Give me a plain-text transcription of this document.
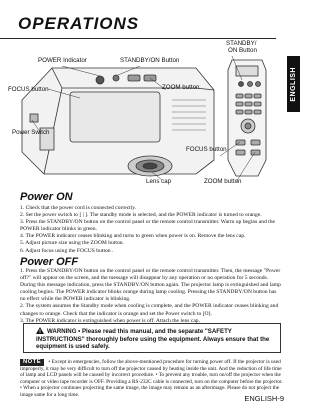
OPERATIONS
ENGLISH
POWER Indicator	STANDBY/ON Button
STANDBY/
ON Button
FOCUS button	ZOOM button
Power Switch
FOCUS button
Lens cap	ZOOM button
Power ON

1. Check that the power cord is connected correctly.

2. Set the power switch to [ | ]. The standby mode is selected, and the POWER indicator is turned to orange.

3. Press the STANDBY/ON button on the control panel or the remote control transmitter. Warm up begins and the POWER indicator blinks in green.

4. The POWER indicator ceases blinking and turns to green when power is on. Remove the lens cap.

5. Adjust picture size using the ZOOM button.

6. Adjust focus using the FOCUS button .

Power OFF

1. Press the STANDBY/ON button on the control panel or the remote control transmitter. Then, the message "Power off?" will appear on the screen, and the message will disappear by any operation or no operation for 5 seconds. During this message indication, press the STANDBY/ON button again. The projector lamp is extinguished and lamp cooling begins. The POWER indicator blinks orange during lamp cooling. Pressing the STANDBY/ON button has no effect while the POWER indicator is blinking.

2. The system assumes the Standby mode when cooling is complete, and the POWER indicator ceases blinking and changes to orange. Check that the indicator is orange and set the Power switch to [O].

3. The POWER indicator is extinguished when power is off. Attach the lens cap.

WARNING • Please read this manual, and the separate "SAFETY INSTRUCTIONS" thoroughly before using the equipment. Always ensure that the equipment is used safely.
NOTE • Except in emergencies, follow the above-mentioned procedure for turning power off. If the projector is used improperly, it may be very difficult to turn off the projector caused by heating inside the unit. And the reduction of life time of lamp and LCD panels will be caused by incorrect procedure. • To prevent any trouble, turn on/off the projector when the computer or video tape recorder is OFF. Providing a RS-232C cable is connected, turn on the computer before the projector. • When a projector continues projecting the same image, the image may remain as an afterimage. Please do not project the image same for a long time.	ENGLISH-9
